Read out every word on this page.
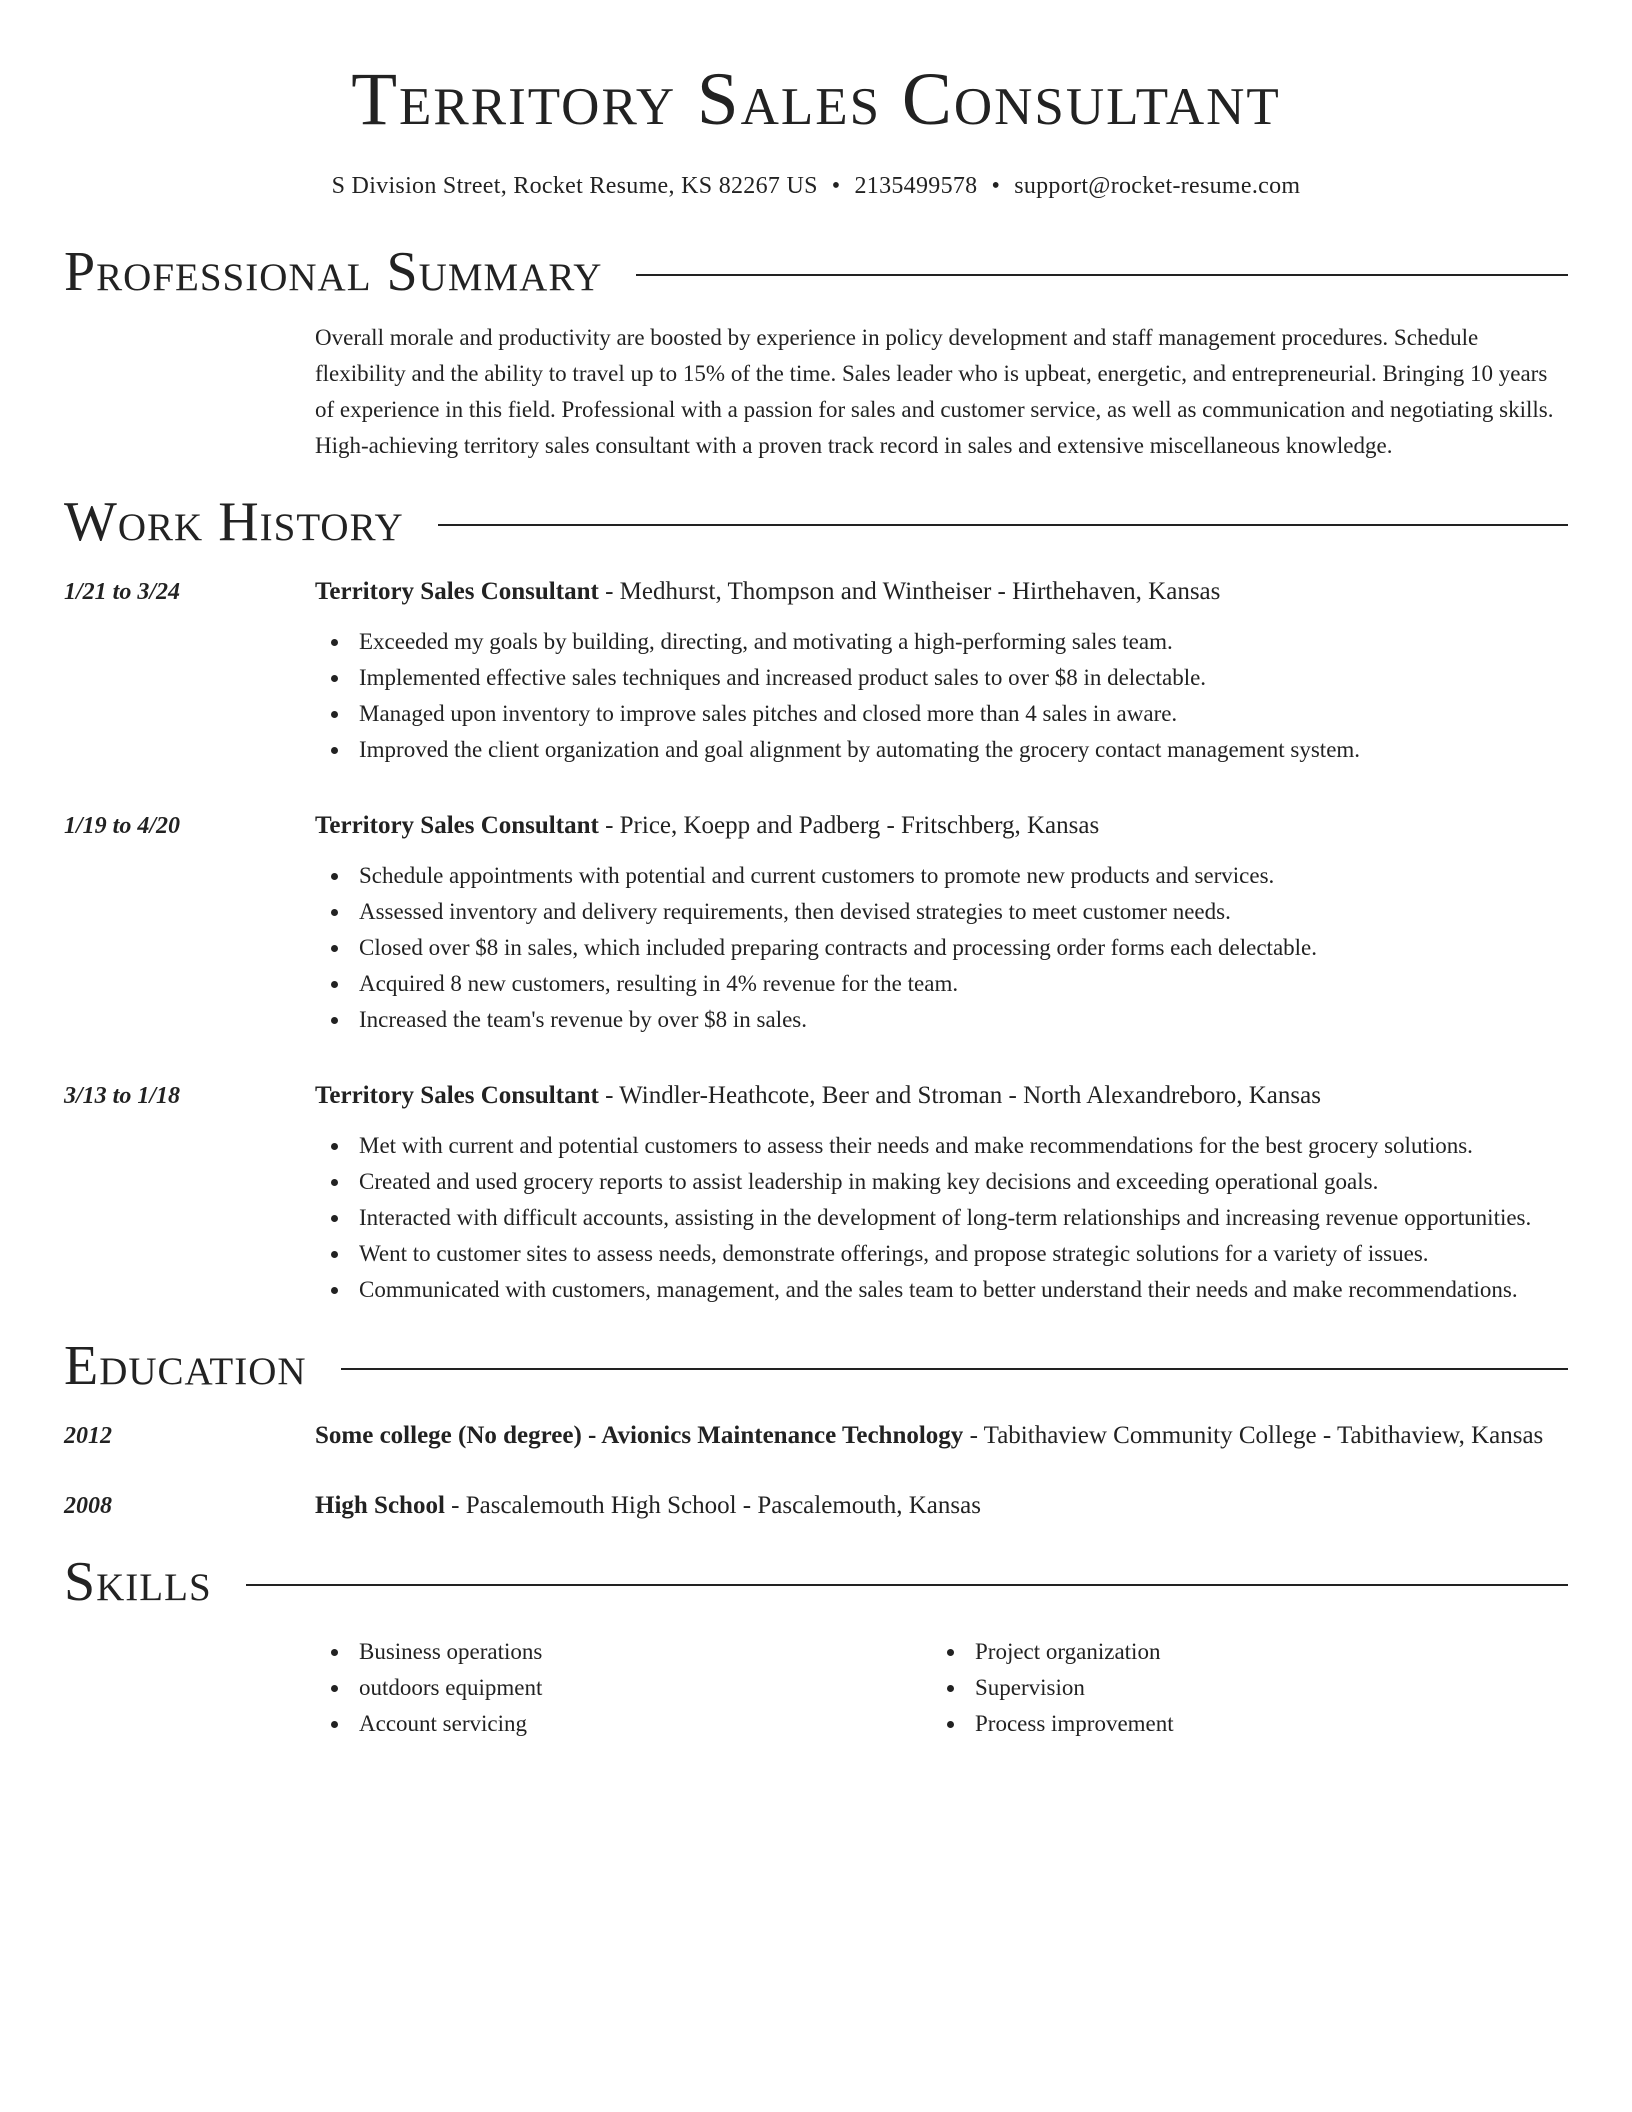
Territory Sales Consultant
S Division Street, Rocket Resume, KS 82267 US • 2135499578 • support@rocket-resume.com
Professional Summary

Overall morale and productivity are boosted by experience in policy development and staff management procedures. Schedule flexibility and the ability to travel up to 15% of the time. Sales leader who is upbeat, energetic, and entrepreneurial. Bringing 10 years of experience in this field. Professional with a passion for sales and customer service, as well as communication and negotiating skills. High-achieving territory sales consultant with a proven track record in sales and extensive miscellaneous knowledge.

Work History
1/21 to 3/24	Territory Sales Consultant - Medhurst, Thompson and Wintheiser - Hirthehaven, Kansas
Exceeded my goals by building, directing, and motivating a high-performing sales team.
Implemented effective sales techniques and increased product sales to over $8 in delectable.
Managed upon inventory to improve sales pitches and closed more than 4 sales in aware.
Improved the client organization and goal alignment by automating the grocery contact management system.
1/19 to 4/20	Territory Sales Consultant - Price, Koepp and Padberg - Fritschberg, Kansas
Schedule appointments with potential and current customers to promote new products and services.
Assessed inventory and delivery requirements, then devised strategies to meet customer needs.
Closed over $8 in sales, which included preparing contracts and processing order forms each delectable.
Acquired 8 new customers, resulting in 4% revenue for the team.
Increased the team's revenue by over $8 in sales.
3/13 to 1/18	Territory Sales Consultant - Windler-Heathcote, Beer and Stroman - North Alexandreboro, Kansas
Met with current and potential customers to assess their needs and make recommendations for the best grocery solutions.
Created and used grocery reports to assist leadership in making key decisions and exceeding operational goals.
Interacted with difficult accounts, assisting in the development of long-term relationships and increasing revenue opportunities.
Went to customer sites to assess needs, demonstrate offerings, and propose strategic solutions for a variety of issues.
Communicated with customers, management, and the sales team to better understand their needs and make recommendations.
Education
2012	Some college (No degree) - Avionics Maintenance Technology - Tabithaview Community College - Tabithaview, Kansas
2008	High School - Pascalemouth High School - Pascalemouth, Kansas
Skills
Business operations
outdoors equipment
Account servicing
Project organization
Supervision
Process improvement
